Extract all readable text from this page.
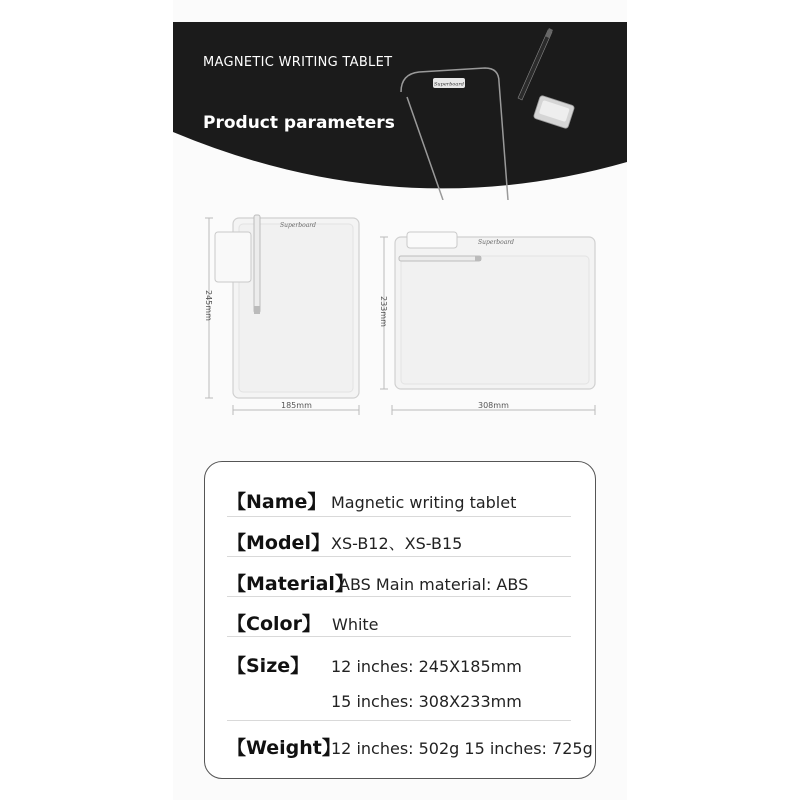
Superboard
MAGNETIC WRITING TABLET
Product parameters
Superboard
Superboard
245mm
185mm
233mm
308mm
【Name】 Magnetic writing tablet
【Model】 XS-B12、XS-B15
【Material】
ABS Main material: ABS
【Color】 White
【Size】	12 inches: 245X185mm
15 inches: 308X233mm
【Weight】
12 inches: 502g 15 inches: 725g
